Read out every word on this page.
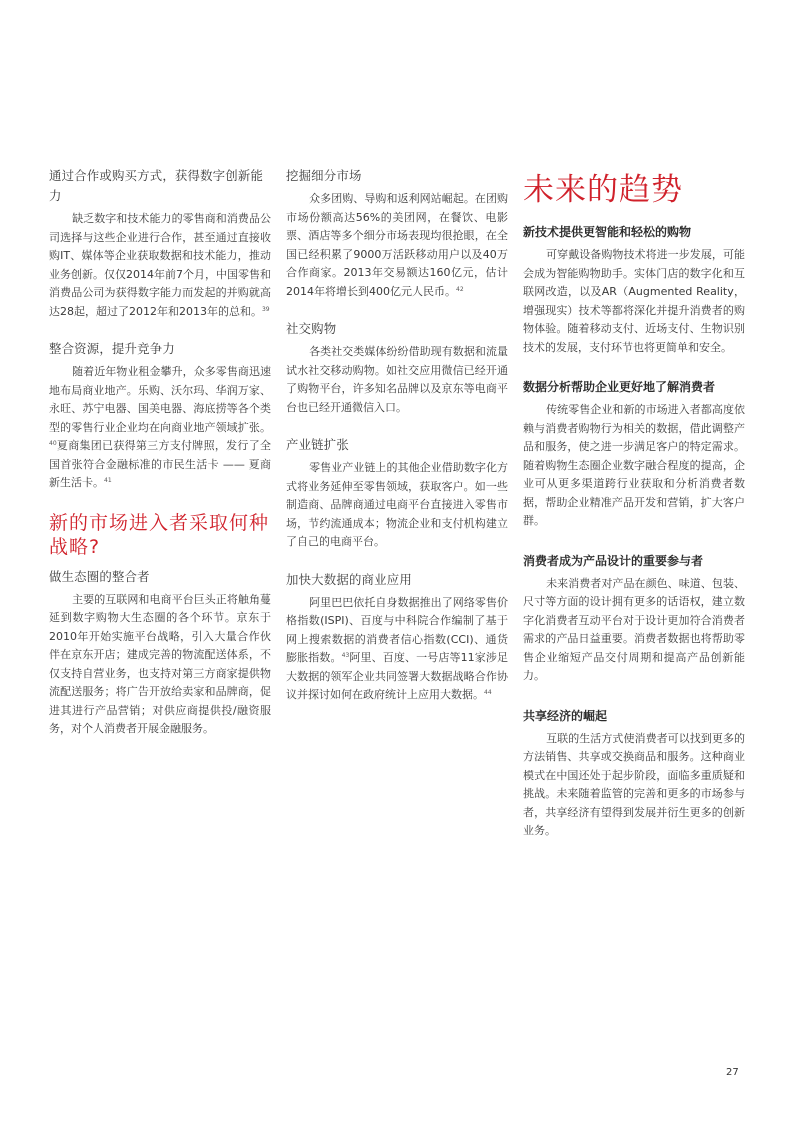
通过合作或购买方式，获得数字创新能力

缺乏数字和技术能力的零售商和消费品公司选择与这些企业进行合作，甚至通过直接收购IT、媒体等企业获取数据和技术能力，推动业务创新。仅仅2014年前7个月，中国零售和消费品公司为获得数字能力而发起的并购就高达28起，超过了2012年和2013年的总和。$^{39}$

整合资源，提升竞争力

随着近年物业租金攀升，众多零售商迅速地布局商业地产。乐购、沃尔玛、华润万家、永旺、苏宁电器、国美电器、海底捞等各个类型的零售行业企业均在向商业地产领域扩张。$^{40}$夏商集团已获得第三方支付牌照，发行了全国首张符合金融标准的市民生活卡 —— 夏商新生活卡。$^{41}$

新的市场进入者采取何种战略?
做生态圈的整合者

主要的互联网和电商平台巨头正将触角蔓延到数字购物大生态圈的各个环节。京东于2010年开始实施平台战略，引入大量合作伙伴在京东开店；建成完善的物流配送体系，不仅支持自营业务，也支持对第三方商家提供物流配送服务；将广告开放给卖家和品牌商，促进其进行产品营销；对供应商提供投/融资服务，对个人消费者开展金融服务。

挖掘细分市场

众多团购、导购和返利网站崛起。在团购市场份额高达56%的美团网，在餐饮、电影票、酒店等多个细分市场表现均很抢眼，在全国已经积累了9000万活跃移动用户以及40万合作商家。2013年交易额达160亿元，估计2014年将增长到400亿元人民币。$^{42}$

社交购物

各类社交类媒体纷纷借助现有数据和流量试水社交移动购物。如社交应用微信已经开通了购物平台，许多知名品牌以及京东等电商平台也已经开通微信入口。

产业链扩张

零售业产业链上的其他企业借助数字化方式将业务延伸至零售领域，获取客户。如一些制造商、品牌商通过电商平台直接进入零售市场，节约流通成本；物流企业和支付机构建立了自己的电商平台。

加快大数据的商业应用

阿里巴巴依托自身数据推出了网络零售价格指数(ISPI)、百度与中科院合作编制了基于网上搜索数据的消费者信心指数(CCI)、通货膨胀指数。$^{43}$阿里、百度、一号店等11家涉足大数据的领军企业共同签署大数据战略合作协议并探讨如何在政府统计上应用大数据。$^{44}$

未来的趋势
新技术提供更智能和轻松的购物

可穿戴设备购物技术将进一步发展，可能会成为智能购物助手。实体门店的数字化和互联网改造，以及AR（Augmented Reality，增强现实）技术等都将深化并提升消费者的购物体验。随着移动支付、近场支付、生物识别技术的发展，支付环节也将更简单和安全。

数据分析帮助企业更好地了解消费者

传统零售企业和新的市场进入者都高度依赖与消费者购物行为相关的数据，借此调整产品和服务，使之进一步满足客户的特定需求。随着购物生态圈企业数字融合程度的提高，企业可从更多渠道跨行业获取和分析消费者数据，帮助企业精准产品开发和营销，扩大客户群。

消费者成为产品设计的重要参与者

未来消费者对产品在颜色、味道、包装、尺寸等方面的设计拥有更多的话语权，建立数字化消费者互动平台对于设计更加符合消费者需求的产品日益重要。消费者数据也将帮助零售企业缩短产品交付周期和提高产品创新能力。

共享经济的崛起

互联的生活方式使消费者可以找到更多的方法销售、共享或交换商品和服务。这种商业模式在中国还处于起步阶段，面临多重质疑和挑战。未来随着监管的完善和更多的市场参与者，共享经济有望得到发展并衍生更多的创新业务。

27
